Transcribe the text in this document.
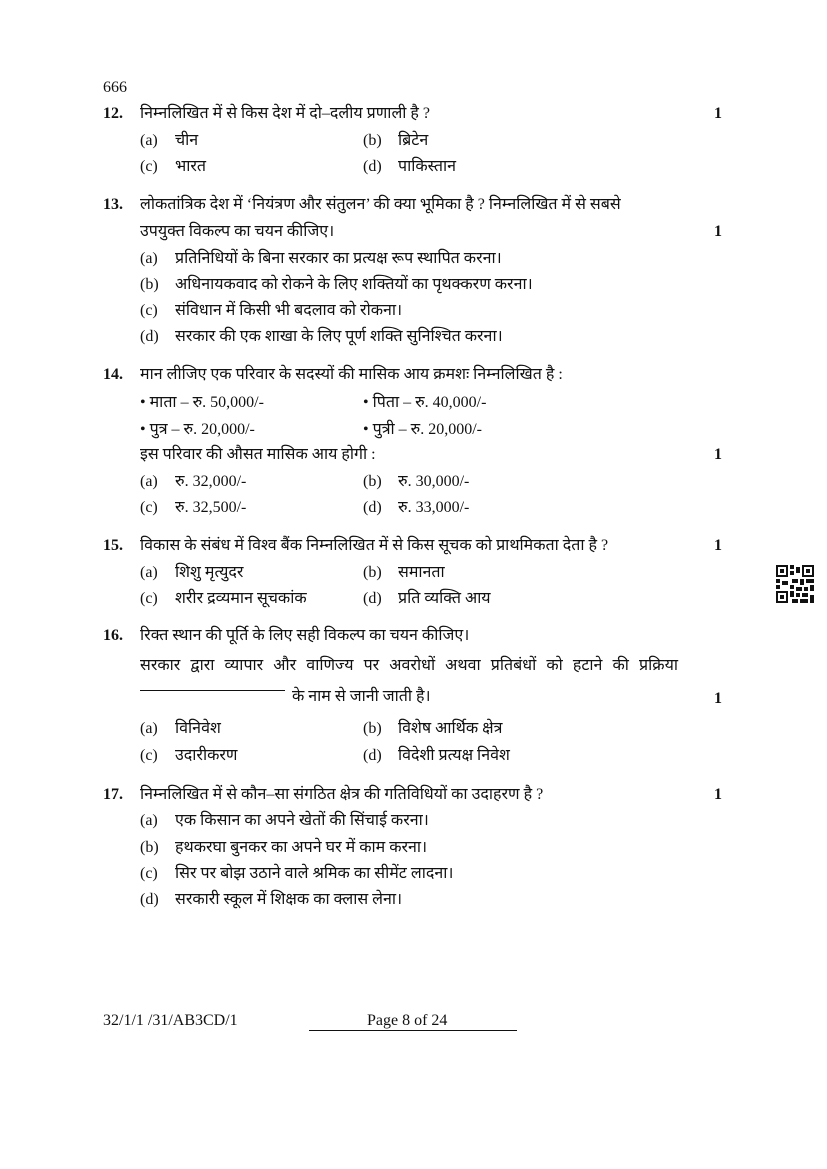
666
12. निम्नलिखित में से किस देश में दो–दलीय प्रणाली है ?	1
(a) चीन	(b) ब्रिटेन
(c) भारत	(d) पाकिस्तान
13. लोकतांत्रिक देश में ‘नियंत्रण और संतुलन’ की क्या भूमिका है ? निम्नलिखित में से सबसे
उपयुक्त विकल्प का चयन कीजिए।	1
(a) प्रतिनिधियों के बिना सरकार का प्रत्यक्ष रूप स्थापित करना।
(b) अधिनायकवाद को रोकने के लिए शक्तियों का पृथक्करण करना।
(c) संविधान में किसी भी बदलाव को रोकना।
(d) सरकार की एक शाखा के लिए पूर्ण शक्ति सुनिश्चित करना।
14. मान लीजिए एक परिवार के सदस्यों की मासिक आय क्रमशः निम्नलिखित है :
• माता – रु. 50,000/-	• पिता – रु. 40,000/-
• पुत्र – रु. 20,000/-	• पुत्री – रु. 20,000/-
इस परिवार की औसत मासिक आय होगी :	1
(a) रु. 32,000/-	(b) रु. 30,000/-
(c) रु. 32,500/-	(d) रु. 33,000/-
15. विकास के संबंध में विश्व बैंक निम्नलिखित में से किस सूचक को प्राथमिकता देता है ?	1
(a) शिशु मृत्युदर	(b) समानता
(c) शरीर द्रव्यमान सूचकांक	(d) प्रति व्यक्ति आय
16. रिक्त स्थान की पूर्ति के लिए सही विकल्प का चयन कीजिए।
सरकार द्वारा व्यापार और वाणिज्य पर अवरोधों अथवा प्रतिबंधों को हटाने की प्रक्रिया
के नाम से जानी जाती है।	1
(a) विनिवेश	(b) विशेष आर्थिक क्षेत्र
(c) उदारीकरण	(d) विदेशी प्रत्यक्ष निवेश
17. निम्नलिखित में से कौन–सा संगठित क्षेत्र की गतिविधियों का उदाहरण है ?	1
(a) एक किसान का अपने खेतों की सिंचाई करना।
(b) हथकरघा बुनकर का अपने घर में काम करना।
(c) सिर पर बोझ उठाने वाले श्रमिक का सीमेंट लादना।
(d) सरकारी स्कूल में शिक्षक का क्लास लेना।
32/1/1 /31/AB3CD/1	Page 8 of 24
